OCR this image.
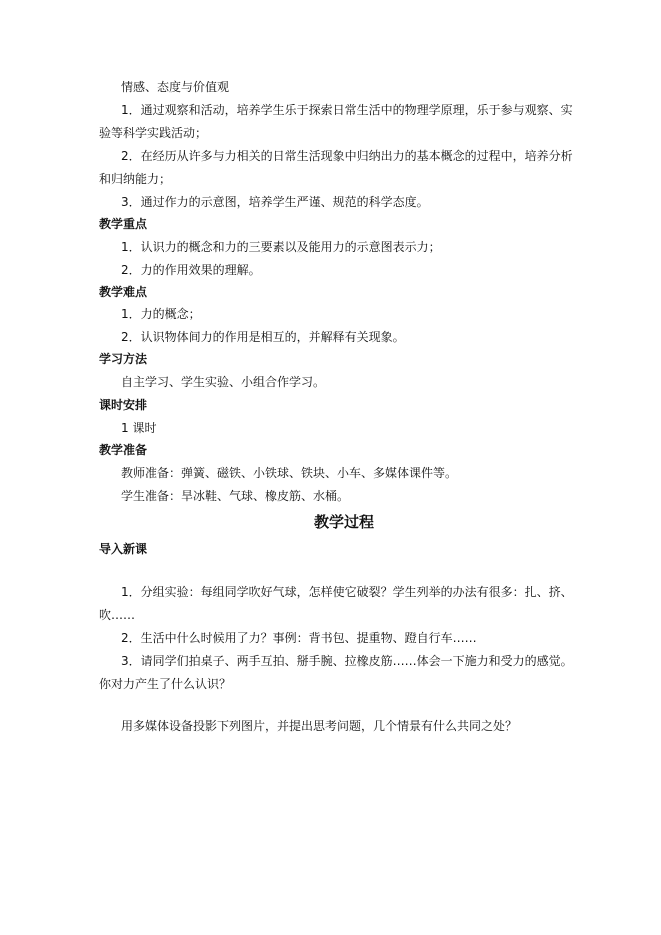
情感、态度与价值观
1．通过观察和活动，培养学生乐于探索日常生活中的物理学原理，乐于参与观察、实
验等科学实践活动；
2．在经历从许多与力相关的日常生活现象中归纳出力的基本概念的过程中，培养分析
和归纳能力；
3．通过作力的示意图，培养学生严谨、规范的科学态度。
教学重点
1．认识力的概念和力的三要素以及能用力的示意图表示力；
2．力的作用效果的理解。
教学难点
1．力的概念；
2．认识物体间力的作用是相互的，并解释有关现象。
学习方法
自主学习、学生实验、小组合作学习。
课时安排
1 课时
教学准备
教师准备：弹簧、磁铁、小铁球、铁块、小车、多媒体课件等。
学生准备：旱冰鞋、气球、橡皮筋、水桶。
教学过程
导入新课
1．分组实验：每组同学吹好气球，怎样使它破裂？学生列举的办法有很多：扎、挤、
吹……
2．生活中什么时候用了力？事例：背书包、提重物、蹬自行车……
3．请同学们拍桌子、两手互拍、掰手腕、拉橡皮筋……体会一下施力和受力的感觉。
你对力产生了什么认识？
用多媒体设备投影下列图片，并提出思考问题，几个情景有什么共同之处？
